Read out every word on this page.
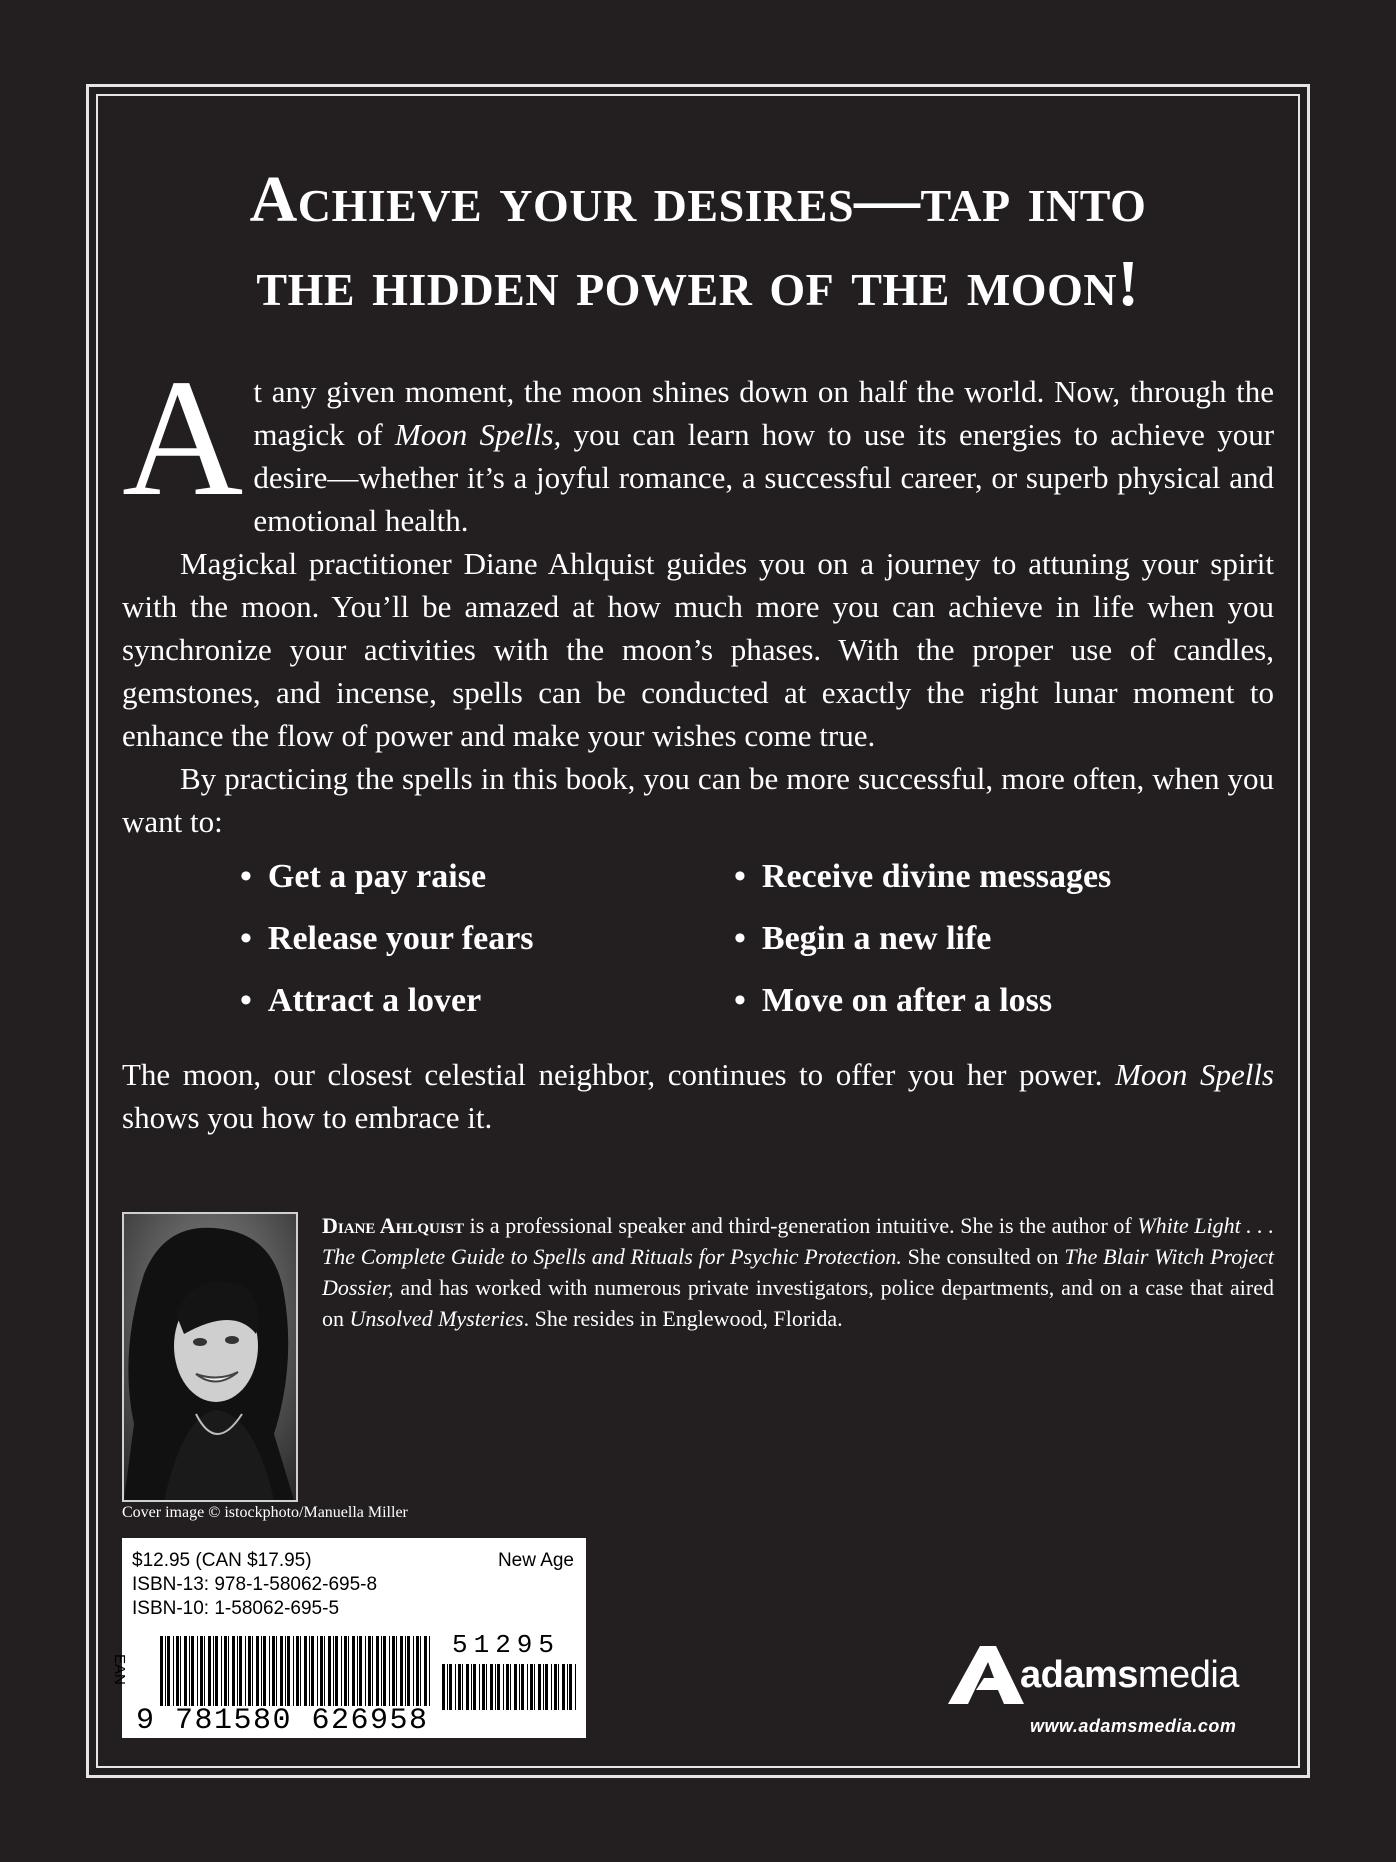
Achieve your desires—tap into
the hidden power of the moon!

At any given moment, the moon shines down on half the world. Now, through the magick of Moon Spells, you can learn how to use its energies to achieve your desire—whether it’s a joyful romance, a successful career, or superb physical and emotional health.

Magickal practitioner Diane Ahlquist guides you on a journey to attuning your spirit with the moon. You’ll be amazed at how much more you can achieve in life when you synchronize your activities with the moon’s phases. With the proper use of candles, gemstones, and incense, spells can be conducted at exactly the right lunar moment to enhance the flow of power and make your wishes come true.

By practicing the spells in this book, you can be more successful, more often, when you want to:

• Get a pay raise
• Release your fears
• Attract a lover
• Receive divine messages
• Begin a new life
• Move on after a loss

The moon, our closest celestial neighbor, continues to offer you her power. Moon Spells shows you how to embrace it.

Diane Ahlquist is a professional speaker and third-generation intuitive. She is the author of White Light . . . The Complete Guide to Spells and Rituals for Psychic Protection. She consulted on The Blair Witch Project Dossier, and has worked with numerous private investigators, police departments, and on a case that aired on Unsolved Mysteries. She resides in Englewood, Florida.

Cover image © istockphoto/Manuella Miller

$12.95 (CAN $17.95)	New Age
ISBN-13: 978-1-58062-695-8
ISBN-10: 1-58062-695-5
EAN
51295
9 781580 626958
adamsmedia
www.adamsmedia.com
